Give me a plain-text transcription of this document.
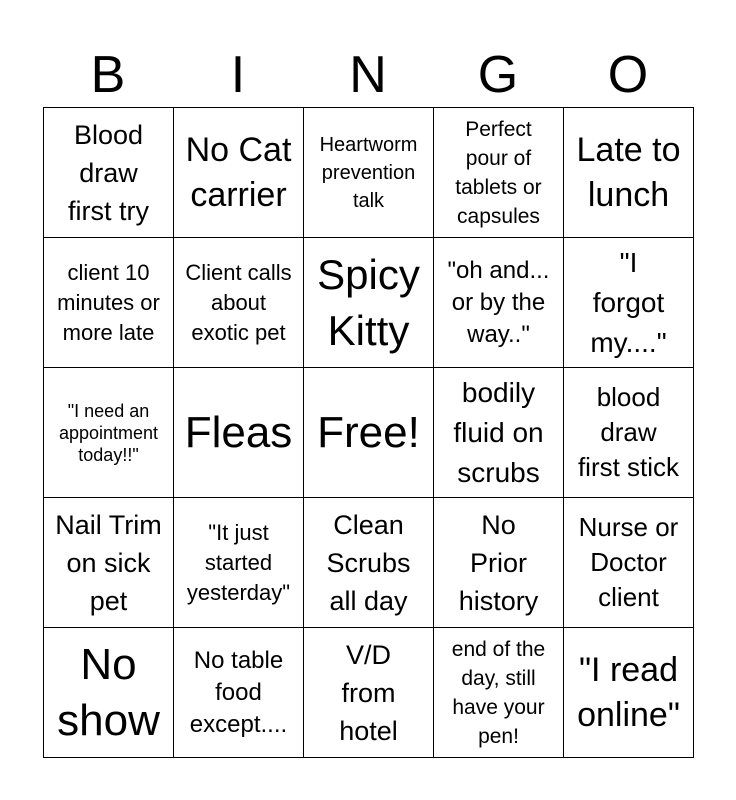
B	I	N	G	O
Blood draw first try	No Cat carrier	Heartworm prevention talk	Perfect pour of tablets or capsules	Late to lunch

client 10 minutes or more late	Client calls about exotic pet	Spicy Kitty	"oh and... or by the way.."	"I forgot my...."

"I need an appointment today!!"	Fleas	Free!	bodily fluid on scrubs	blood draw first stick

Nail Trim on sick pet	"It just started yesterday"	Clean Scrubs all day	No Prior history	Nurse or Doctor client

No show	No table food except....	V/D from hotel	end of the day, still have your pen!	"I read online"
